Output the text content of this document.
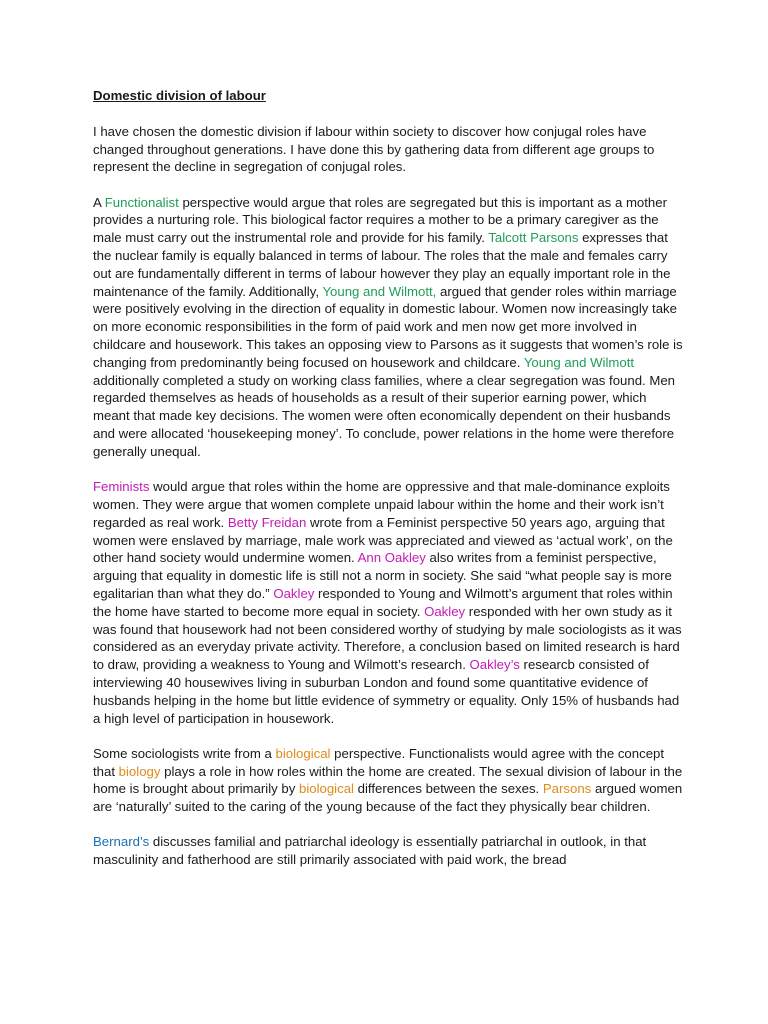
Domestic division of labour

I have chosen the domestic division if labour within society to discover how conjugal roles have changed throughout generations. I have done this by gathering data from different age groups to represent the decline in segregation of conjugal roles.

A Functionalist perspective would argue that roles are segregated but this is important as a mother provides a nurturing role. This biological factor requires a mother to be a primary caregiver as the male must carry out the instrumental role and provide for his family. Talcott Parsons expresses that the nuclear family is equally balanced in terms of labour. The roles that the male and females carry out are fundamentally different in terms of labour however they play an equally important role in the maintenance of the family. Additionally, Young and Wilmott, argued that gender roles within marriage were positively evolving in the direction of equality in domestic labour. Women now increasingly take on more economic responsibilities in the form of paid work and men now get more involved in childcare and housework. This takes an opposing view to Parsons as it suggests that women’s role is changing from predominantly being focused on housework and childcare. Young and Wilmott additionally completed a study on working class families, where a clear segregation was found. Men regarded themselves as heads of households as a result of their superior earning power, which meant that made key decisions. The women were often economically dependent on their husbands and were allocated ‘housekeeping money’. To conclude, power relations in the home were therefore generally unequal.

Feminists would argue that roles within the home are oppressive and that male-dominance exploits women. They were argue that women complete unpaid labour within the home and their work isn’t regarded as real work. Betty Freidan wrote from a Feminist perspective 50 years ago, arguing that women were enslaved by marriage, male work was appreciated and viewed as ‘actual work’, on the other hand society would undermine women. Ann Oakley also writes from a feminist perspective, arguing that equality in domestic life is still not a norm in society. She said “what people say is more egalitarian than what they do.” Oakley responded to Young and Wilmott’s argument that roles within the home have started to become more equal in society. Oakley responded with her own study as it was found that housework had not been considered worthy of studying by male sociologists as it was considered as an everyday private activity. Therefore, a conclusion based on limited research is hard to draw, providing a weakness to Young and Wilmott’s research. Oakley’s researcb consisted of interviewing 40 housewives living in suburban London and found some quantitative evidence of husbands helping in the home but little evidence of symmetry or equality. Only 15% of husbands had a high level of participation in housework.

Some sociologists write from a biological perspective. Functionalists would agree with the concept that biology plays a role in how roles within the home are created. The sexual division of labour in the home is brought about primarily by biological differences between the sexes. Parsons argued women are ‘naturally’ suited to the caring of the young because of the fact they physically bear children.

Bernard’s discusses familial and patriarchal ideology is essentially patriarchal in outlook, in that masculinity and fatherhood are still primarily associated with paid work, the bread
